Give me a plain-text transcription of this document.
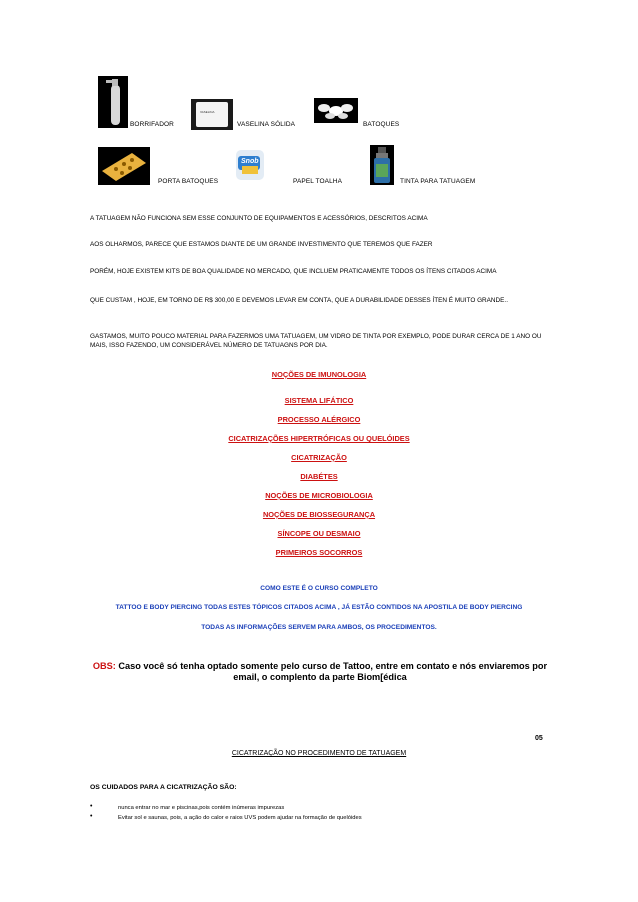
BORRIFADOR
VASELINA
VASELINA SÓLIDA	BATOQUES
PORTA BATOQUES
Snob
PAPEL TOALHA	TINTA PARA TATUAGEM
A TATUAGEM NÃO FUNCIONA SEM ESSE CONJUNTO DE EQUIPAMENTOS E ACESSÓRIOS, DESCRITOS ACIMA
AOS OLHARMOS, PARECE QUE ESTAMOS DIANTE DE UM GRANDE INVESTIMENTO QUE TEREMOS QUE FAZER
PORÉM, HOJE EXISTEM KITS DE BOA QUALIDADE NO MERCADO, QUE INCLUEM PRATICAMENTE TODOS OS ÍTENS CITADOS ACIMA
QUE CUSTAM , HOJE, EM TORNO DE R$ 300,00 E DEVEMOS LEVAR EM CONTA, QUE A DURABILIDADE DESSES ÍTEN É MUITO GRANDE..
GASTAMOS, MUITO POUCO MATERIAL PARA FAZERMOS UMA TATUAGEM, UM VIDRO DE TINTA POR EXEMPLO, PODE DURAR CERCA DE 1 ANO OU MAIS, ISSO FAZENDO, UM CONSIDERÁVEL NÚMERO DE TATUAGNS POR DIA.
NOÇÕES DE IMUNOLOGIA
SISTEMA LIFÁTICO
PROCESSO ALÉRGICO
CICATRIZAÇÕES HIPERTRÓFICAS OU QUELÓIDES
CICATRIZAÇÃO
DIABÉTES
NOÇÕES DE MICROBIOLOGIA
NOÇÕES DE BIOSSEGURANÇA
SÍNCOPE OU DESMAIO
PRIMEIROS SOCORROS
COMO ESTE É O CURSO COMPLETO
TATTOO E BODY PIERCING TODAS ESTES TÓPICOS CITADOS ACIMA , JÁ ESTÃO CONTIDOS NA APOSTILA DE BODY PIERCING
TODAS AS INFORMAÇÕES SERVEM PARA AMBOS, OS PROCEDIMENTOS.
OBS: Caso você só tenha optado somente pelo curso de Tattoo, entre em contato e nós enviaremos por
email, o complento da parte Biom[édica
05
CICATRIZAÇÃO NO PROCEDIMENTO DE TATUAGEM
OS CUIDADOS PARA A CICATRIZAÇÃO SÃO:
•	nunca entrar no mar e piscinas,pois contém inúmeras impurezas
•	Evitar sol e saunas, pois, a ação do calor e raios UVS podem ajudar na formação de quelóides
